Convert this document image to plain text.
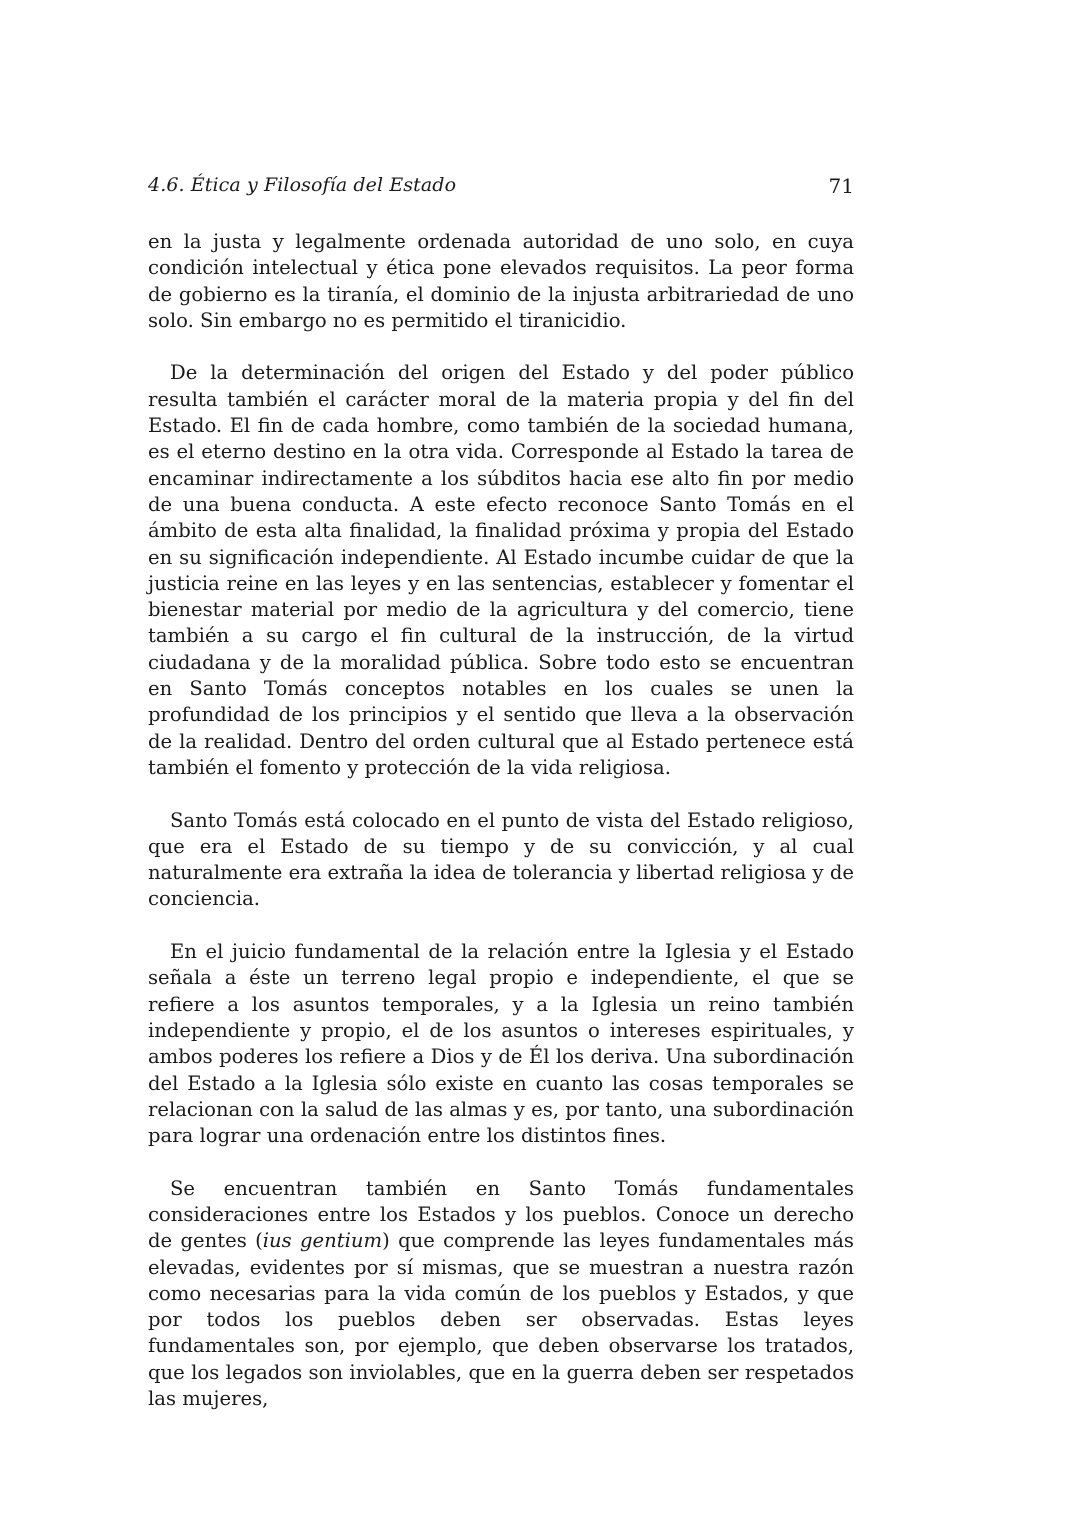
4.6. Ética y Filosofía del Estado	71

en la justa y legalmente ordenada autoridad de uno solo, en cuya condición intelectual y ética pone elevados requisitos. La peor forma de gobierno es la tiranía, el dominio de la injusta arbitrariedad de uno solo. Sin embargo no es permitido el tiranicidio.

De la determinación del origen del Estado y del poder público resulta también el carácter moral de la materia propia y del fin del Estado. El fin de cada hombre, como también de la sociedad humana, es el eterno destino en la otra vida. Corresponde al Estado la tarea de encaminar indirectamente a los súbditos hacia ese alto fin por medio de una buena conducta. A este efecto reconoce Santo Tomás en el ámbito de esta alta finalidad, la finalidad próxima y propia del Estado en su significación independiente. Al Estado incumbe cuidar de que la justicia reine en las leyes y en las sentencias, establecer y fomentar el bienestar material por medio de la agricultura y del comercio, tiene también a su cargo el fin cultural de la instrucción, de la virtud ciudadana y de la moralidad pública. Sobre todo esto se encuentran en Santo Tomás conceptos notables en los cuales se unen la profundidad de los principios y el sentido que lleva a la observación de la realidad. Dentro del orden cultural que al Estado pertenece está también el fomento y protección de la vida religiosa.

Santo Tomás está colocado en el punto de vista del Estado religioso, que era el Estado de su tiempo y de su convicción, y al cual naturalmente era extraña la idea de tolerancia y libertad religiosa y de conciencia.

En el juicio fundamental de la relación entre la Iglesia y el Estado señala a éste un terreno legal propio e independiente, el que se refiere a los asuntos temporales, y a la Iglesia un reino también independiente y propio, el de los asuntos o intereses espirituales, y ambos poderes los refiere a Dios y de Él los deriva. Una subordinación del Estado a la Iglesia sólo existe en cuanto las cosas temporales se relacionan con la salud de las almas y es, por tanto, una subordinación para lograr una ordenación entre los distintos fines.

Se encuentran también en Santo Tomás fundamentales consideraciones entre los Estados y los pueblos. Conoce un derecho de gentes (ius gentium) que comprende las leyes fundamentales más elevadas, evidentes por sí mismas, que se muestran a nuestra razón como necesarias para la vida común de los pueblos y Estados, y que por todos los pueblos deben ser observadas. Estas leyes fundamentales son, por ejemplo, que deben observarse los tratados, que los legados son inviolables, que en la guerra deben ser respetados las mujeres,
